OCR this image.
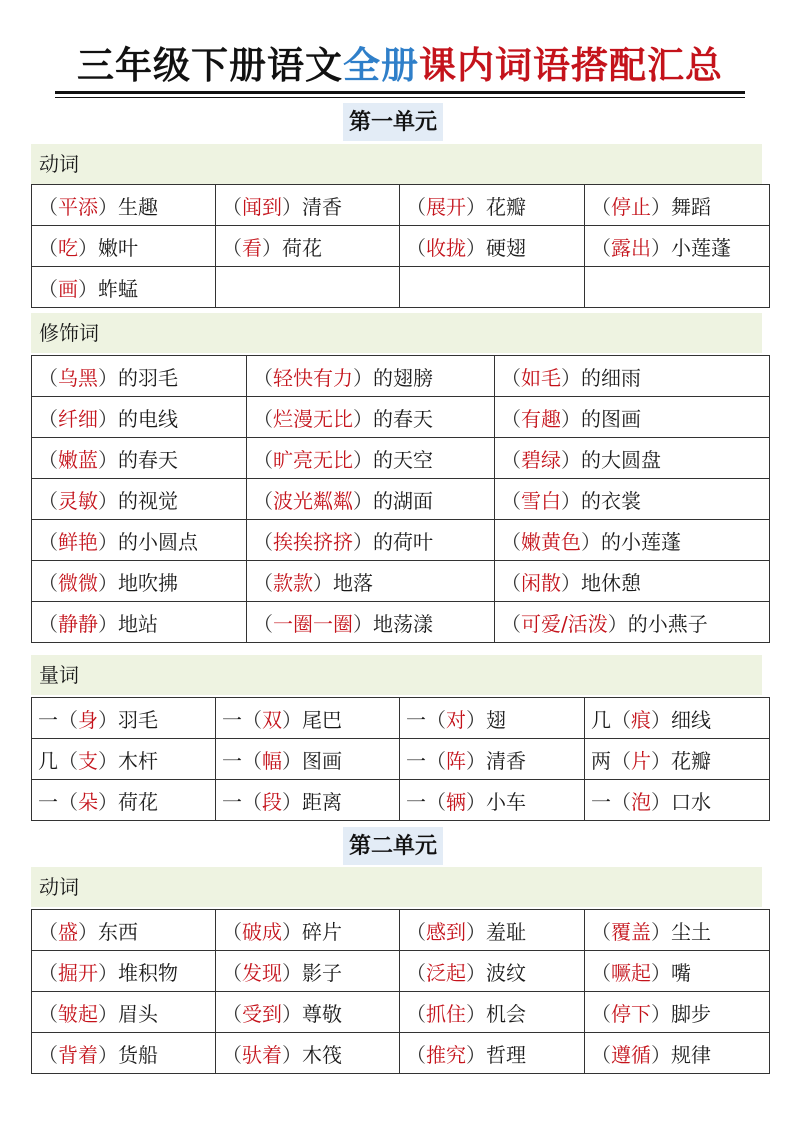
三年级下册语文全册课内词语搭配汇总
第一单元
动词
（平添）生趣	（闻到）清香	（展开）花瓣	（停止）舞蹈
（吃）嫩叶	（看）荷花	（收拢）硬翅	（露出）小莲蓬
（画）蚱蜢			
修饰词
（乌黑）的羽毛	（轻快有力）的翅膀	（如毛）的细雨
（纤细）的电线	（烂漫无比）的春天	（有趣）的图画
（嫩蓝）的春天	（旷亮无比）的天空	（碧绿）的大圆盘
（灵敏）的视觉	（波光粼粼）的湖面	（雪白）的衣裳
（鲜艳）的小圆点	（挨挨挤挤）的荷叶	（嫩黄色）的小莲蓬
（微微）地吹拂	（款款）地落	（闲散）地休憩
（静静）地站	（一圈一圈）地荡漾	（可爱/活泼）的小燕子
量词
一（身）羽毛	一（双）尾巴	一（对）翅	几（痕）细线
几（支）木杆	一（幅）图画	一（阵）清香	两（片）花瓣
一（朵）荷花	一（段）距离	一（辆）小车	一（泡）口水
第二单元
动词
（盛）东西	（破成）碎片	（感到）羞耻	（覆盖）尘土
（掘开）堆积物	（发现）影子	（泛起）波纹	（噘起）嘴
（皱起）眉头	（受到）尊敬	（抓住）机会	（停下）脚步
（背着）货船	（驮着）木筏	（推究）哲理	（遵循）规律
